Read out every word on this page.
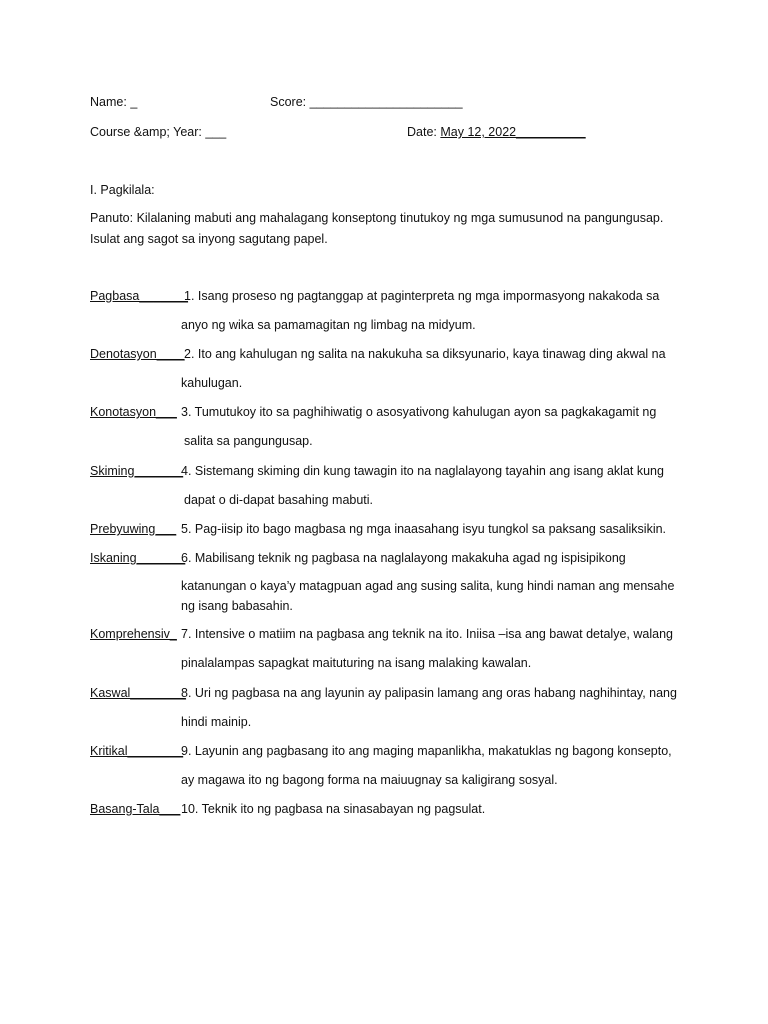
Name: _	Score: ______________________
Course &amp; Year: ___	Date: May 12, 2022__________
I. Pagkilala:
Panuto: Kilalaning mabuti ang mahalagang konseptong tinutukoy ng mga sumusunod na pangungusap.
Isulat ang sagot sa inyong sagutang papel.
Pagbasa_______
1. Isang proseso ng pagtanggap at paginterpreta ng mga impormasyong nakakoda sa
anyo ng wika sa pamamagitan ng limbag na midyum.
Denotasyon____ 2. Ito ang kahulugan ng salita na nakukuha sa diksyunario, kaya tinawag ding akwal na
kahulugan.
Konotasyon___ 3. Tumutukoy ito sa paghihiwatig o asosyativong kahulugan ayon sa pagkakagamit ng
salita sa pangungusap.
Skiming_______
4. Sistemang skiming din kung tawagin ito na naglalayong tayahin ang isang aklat kung
dapat o di-dapat basahing mabuti.
Prebyuwing___ 5. Pag-iisip ito bago magbasa ng mga inaasahang isyu tungkol sa paksang sasaliksikin.
Iskaning_______
6. Mabilisang teknik ng pagbasa na naglalayong makakuha agad ng ispisipikong
katanungan o kaya’y matagpuan agad ang susing salita, kung hindi naman ang mensahe
ng isang babasahin.
Komprehensiv_ 7. Intensive o matiim na pagbasa ang teknik na ito. Iniisa –isa ang bawat detalye, walang
pinalalampas sapagkat maituturing na isang malaking kawalan.
Kaswal________
8. Uri ng pagbasa na ang layunin ay palipasin lamang ang oras habang naghihintay, nang
hindi mainip.
Kritikal________
9. Layunin ang pagbasang ito ang maging mapanlikha, makatuklas ng bagong konsepto,
ay magawa ito ng bagong forma na maiuugnay sa kaligirang sosyal.
Basang-Tala___ 10. Teknik ito ng pagbasa na sinasabayan ng pagsulat.
